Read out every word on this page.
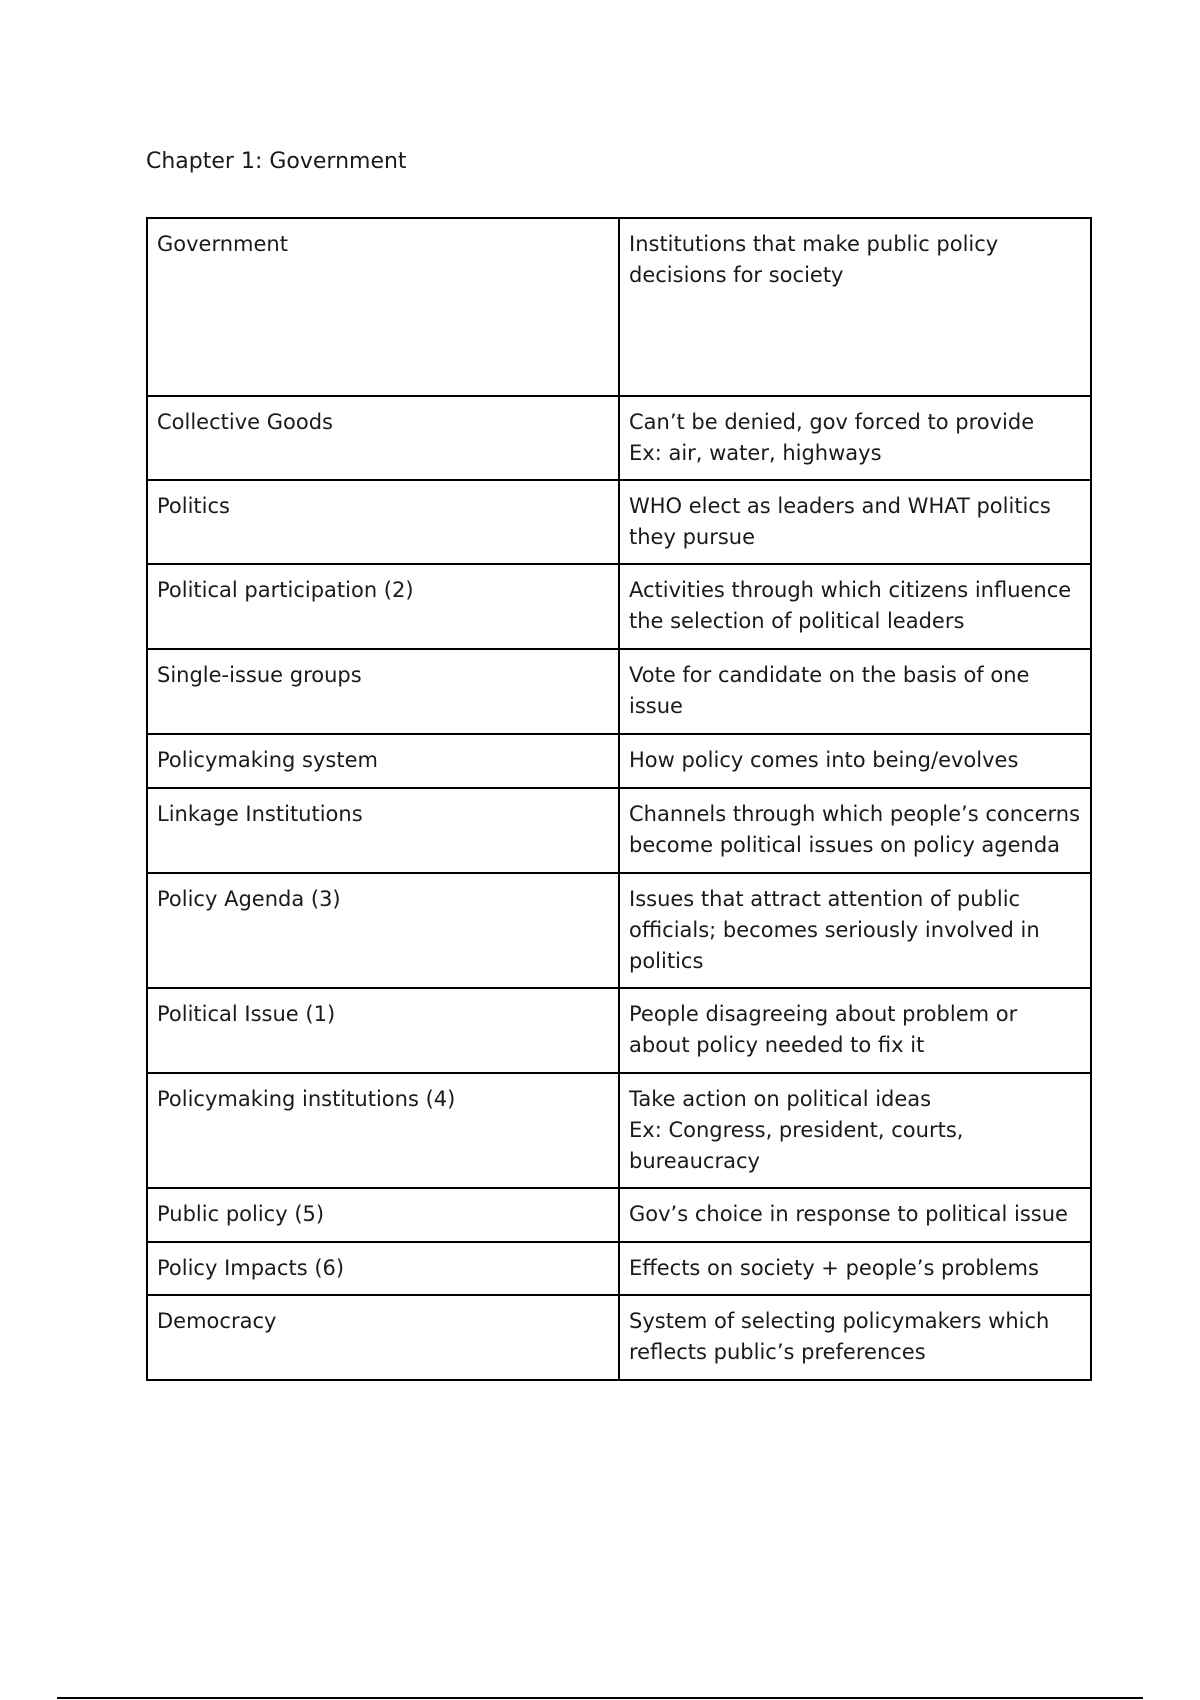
Chapter 1: Government
Government	Institutions that make public policy decisions for society

Collective Goods	Can’t be denied, gov forced to provide
Ex: air, water, highways

Politics	WHO elect as leaders and WHAT politics they pursue

Political participation (2)	Activities through which citizens influence the selection of political leaders

Single-issue groups	Vote for candidate on the basis of one issue

Policymaking system	How policy comes into being/evolves

Linkage Institutions	Channels through which people’s concerns become political issues on policy agenda

Policy Agenda (3)	Issues that attract attention of public officials; becomes seriously involved in politics

Political Issue (1)	People disagreeing about problem or about policy needed to fix it

Policymaking institutions (4)	Take action on political ideas
Ex: Congress, president, courts, bureaucracy

Public policy (5)	Gov’s choice in response to political issue

Policy Impacts (6)	Effects on society + people’s problems

Democracy	System of selecting policymakers which reflects public’s preferences
